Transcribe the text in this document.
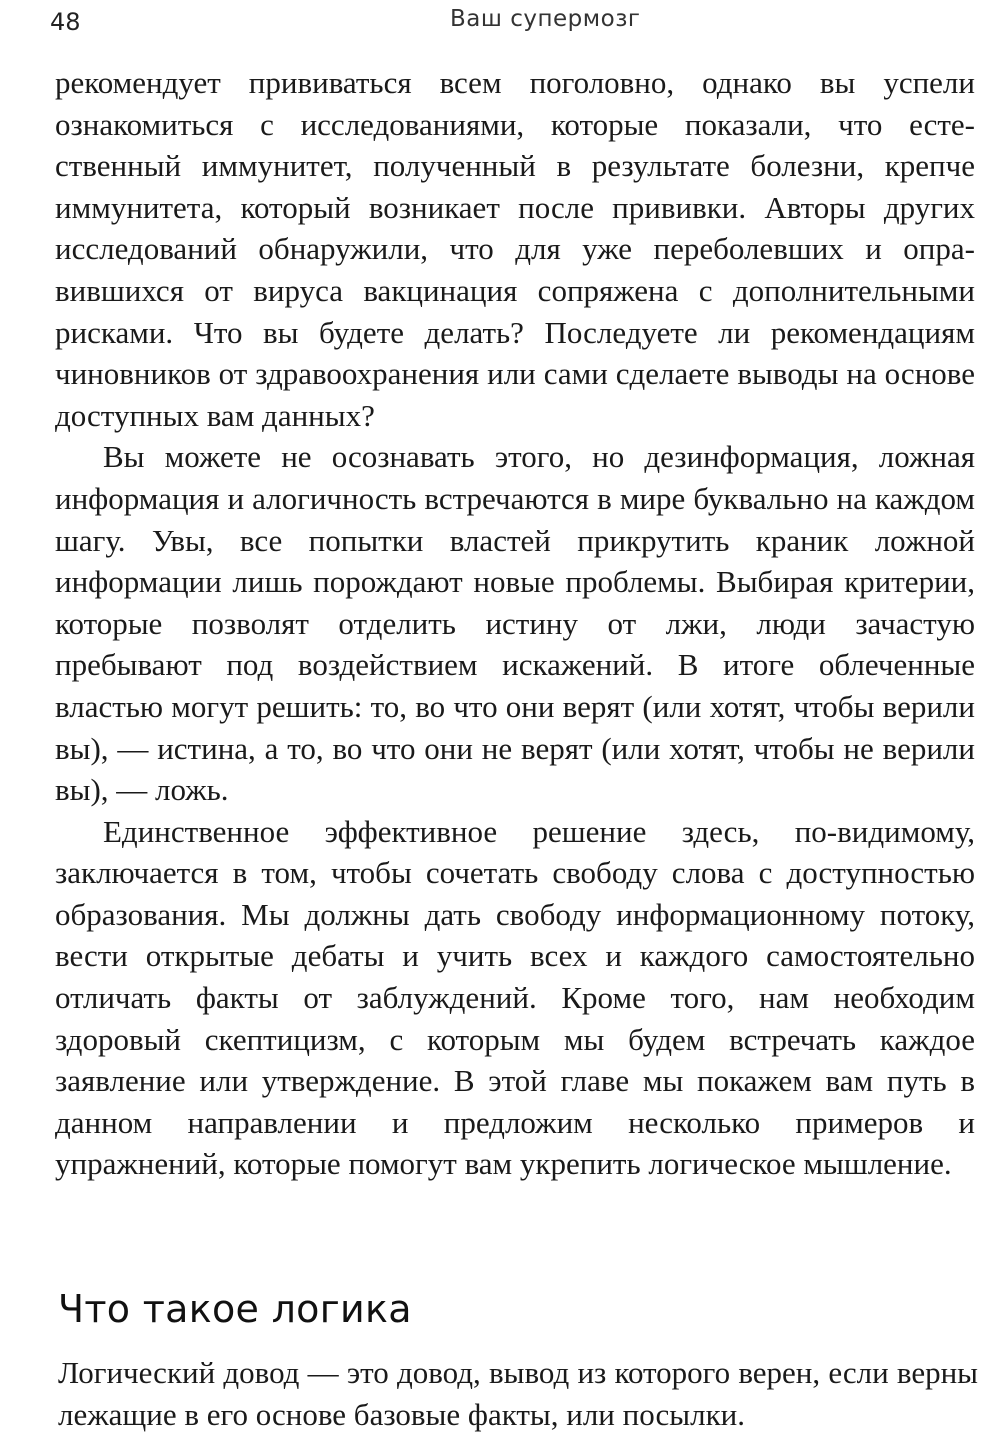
48	Ваш супермозг

рекомендует прививаться всем поголовно, однако вы успели ознакомиться с исследованиями, которые показали, что естественный иммунитет, полученный в результате болезни, крепче иммунитета, который возникает после прививки. Авторы других исследований обнаружили, что для уже переболевших и оправившихся от вируса вакцинация сопряжена с дополнительными рисками. Что вы будете делать? Последуете ли рекомендациям чиновников от здравоохранения или сами сделаете выводы на основе доступных вам данных?

Вы можете не осознавать этого, но дезинформация, ложная информация и алогичность встречаются в мире буквально на каждом шагу. Увы, все попытки властей прикрутить краник ложной информации лишь порождают новые проблемы. Выбирая критерии, которые позволят отделить истину от лжи, люди зачастую пребывают под воздействием искажений. В итоге облеченные властью могут решить: то, во что они верят (или хотят, чтобы верили вы), — истина, а то, во что они не верят (или хотят, чтобы не верили вы), — ложь.

Единственное эффективное решение здесь, по-видимому, заключается в том, чтобы сочетать свободу слова с доступностью образования. Мы должны дать свободу информационному потоку, вести открытые дебаты и учить всех и каждого самостоятельно отличать факты от заблуждений. Кроме того, нам необходим здоровый скептицизм, с которым мы будем встречать каждое заявление или утверждение. В этой главе мы покажем вам путь в данном направлении и предложим несколько примеров и упражнений, которые помогут вам укрепить логическое мышление.

Что такое логика

Логический довод — это довод, вывод из которого верен, если верны лежащие в его основе базовые факты, или посылки.
